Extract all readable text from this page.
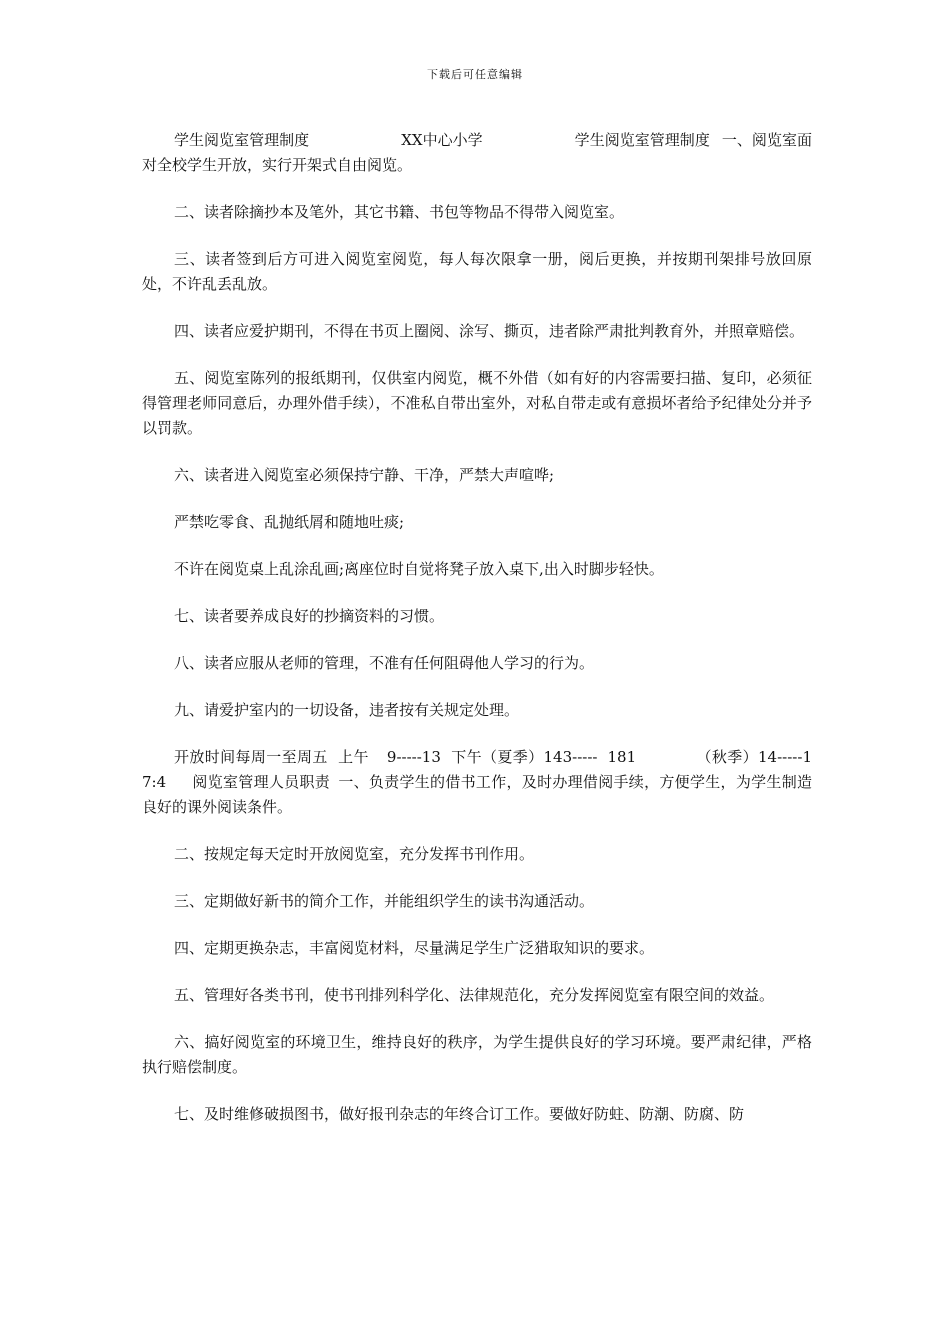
下载后可任意编辑

学生阅览室管理制度	XX中心小学	学生阅览室管理制度 一、阅览室面对全校学生开放，实行开架式自由阅览。

二、读者除摘抄本及笔外，其它书籍、书包等物品不得带入阅览室。

三、读者签到后方可进入阅览室阅览，每人每次限拿一册，阅后更换，并按期刊架排号放回原处，不许乱丢乱放。

四、读者应爱护期刊，不得在书页上圈阅、涂写、撕页，违者除严肃批判教育外，并照章赔偿。

五、阅览室陈列的报纸期刊，仅供室内阅览，概不外借（如有好的内容需要扫描、复印，必须征得管理老师同意后，办理外借手续），不准私自带出室外，对私自带走或有意损坏者给予纪律处分并予以罚款。

六、读者进入阅览室必须保持宁静、干净，严禁大声喧哗;

严禁吃零食、乱抛纸屑和随地吐痰;

不许在阅览桌上乱涂乱画;离座位时自觉将凳子放入桌下,出入时脚步轻快。

七、读者要养成良好的抄摘资料的习惯。

八、读者应服从老师的管理，不准有任何阻碍他人学习的行为。

九、请爱护室内的一切设备，违者按有关规定处理。

开放时间每周一至周五 上午 9-----13 下午（夏季）143----- 181	（秋季）14-----17:4 阅览室管理人员职责 一、负责学生的借书工作，及时办理借阅手续，方便学生，为学生制造良好的课外阅读条件。

二、按规定每天定时开放阅览室，充分发挥书刊作用。

三、定期做好新书的简介工作，并能组织学生的读书沟通活动。

四、定期更换杂志，丰富阅览材料，尽量满足学生广泛猎取知识的要求。

五、管理好各类书刊，使书刊排列科学化、法律规范化，充分发挥阅览室有限空间的效益。

六、搞好阅览室的环境卫生，维持良好的秩序，为学生提供良好的学习环境。要严肃纪律，严格执行赔偿制度。

七、及时维修破损图书，做好报刊杂志的年终合订工作。要做好防蛀、防潮、防腐、防
